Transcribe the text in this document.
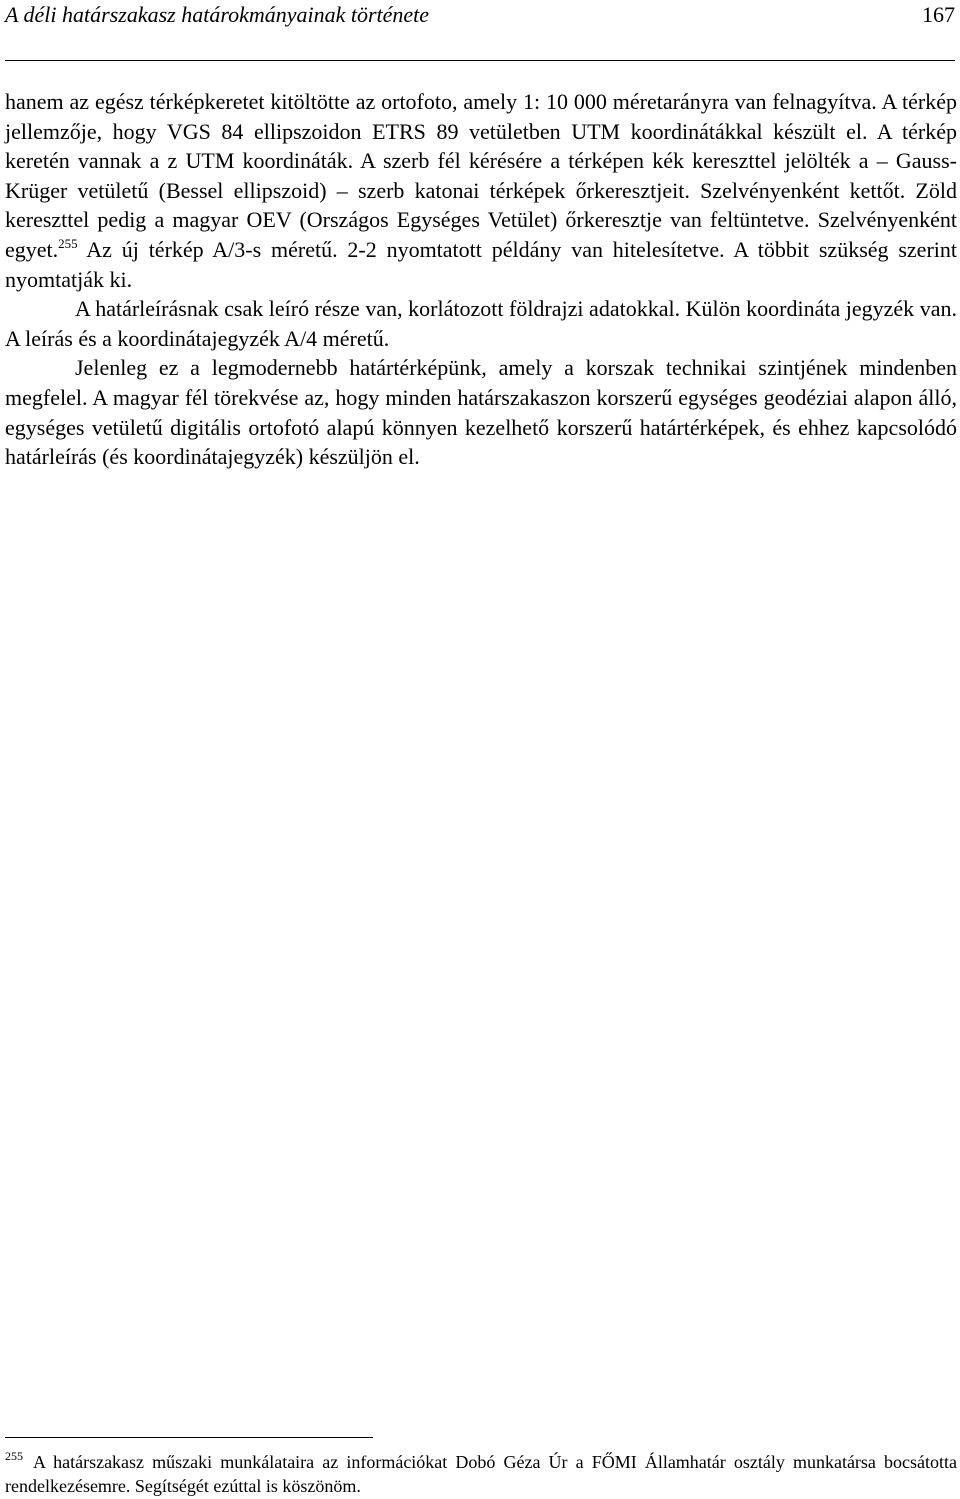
A déli határszakasz határokmányainak története	167

hanem az egész térképkeretet kitöltötte az ortofoto, amely 1: 10 000 méretarányra van felnagyítva. A térkép jellemzője, hogy VGS 84 ellipszoidon ETRS 89 vetületben UTM koordinátákkal készült el. A térkép keretén vannak a z UTM koordináták. A szerb fél kérésére a térképen kék kereszttel jelölték a – Gauss-Krüger vetületű (Bessel ellipszoid) – szerb katonai térképek őrkeresztjeit. Szelvényenként kettőt. Zöld kereszttel pedig a magyar OEV (Országos Egységes Vetület) őrkeresztje van feltüntetve. Szelvényenként egyet.$^{255}$ Az új térkép A/3-s méretű. 2-2 nyomtatott példány van hitelesítetve. A többit szükség szerint nyomtatják ki.

A határleírásnak csak leíró része van, korlátozott földrajzi adatokkal. Külön koordináta jegyzék van. A leírás és a koordinátajegyzék A/4 méretű.

Jelenleg ez a legmodernebb határtérképünk, amely a korszak technikai szintjének mindenben megfelel. A magyar fél törekvése az, hogy minden határszakaszon korszerű egységes geodéziai alapon álló, egységes vetületű digitális ortofotó alapú könnyen kezelhető korszerű határtérképek, és ehhez kapcsolódó határleírás (és koordinátajegyzék) készüljön el.

$^{255}$ A határszakasz műszaki munkálataira az információkat Dobó Géza Úr a FŐMI Államhatár osztály munkatársa bocsátotta rendelkezésemre. Segítségét ezúttal is köszönöm.
